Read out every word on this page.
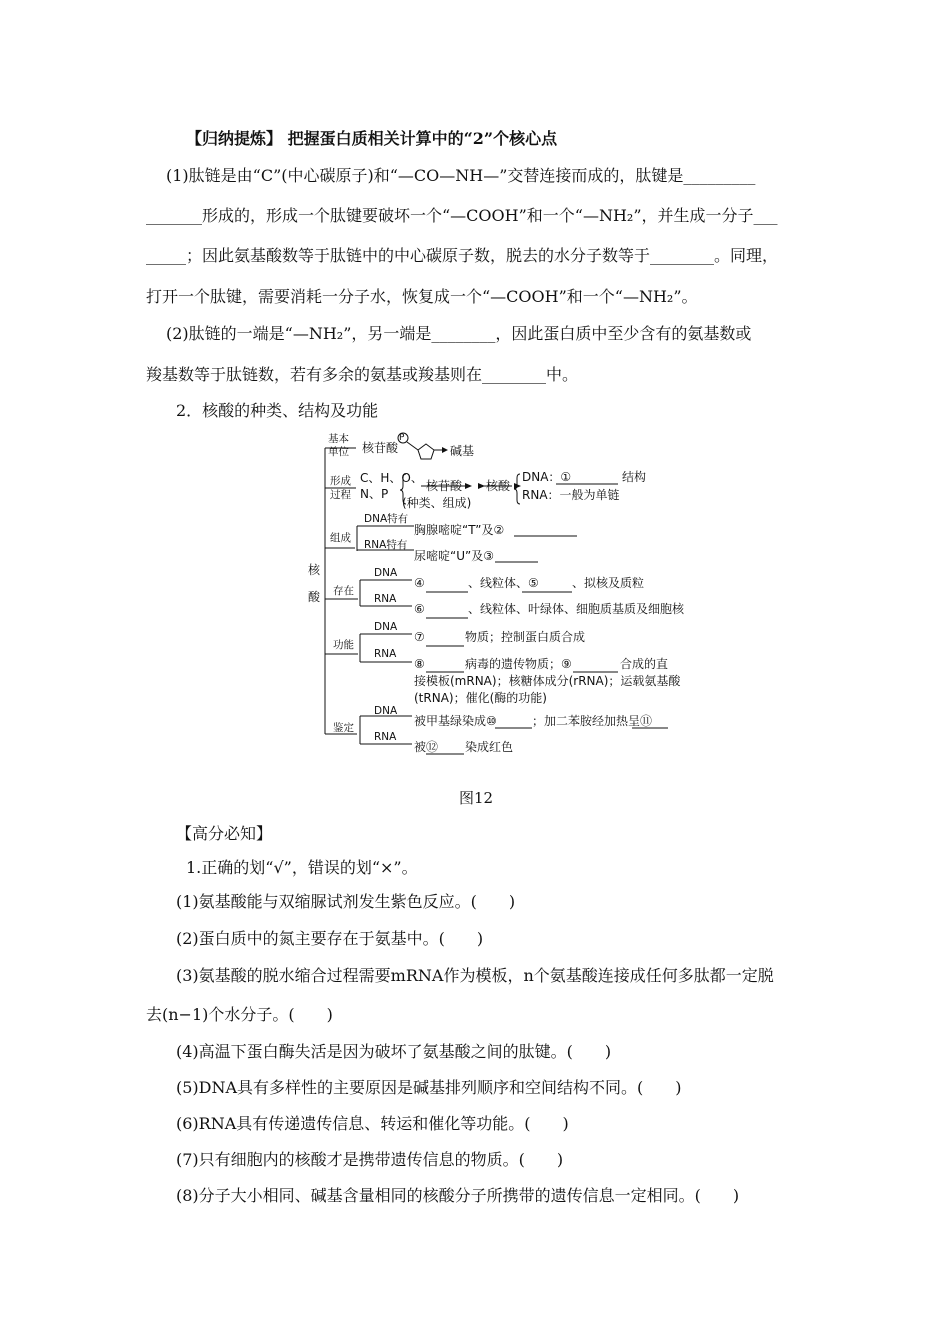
【归纳提炼】 把握蛋白质相关计算中的“2”个核心点
(1)肽链是由“C”(中心碳原子)和“—CO—NH—”交替连接而成的，肽键是_________
_______形成的，形成一个肽键要破坏一个“—COOH”和一个“—NH₂”，并生成一分子___
_____；因此氨基酸数等于肽链中的中心碳原子数，脱去的水分子数等于________。同理，
打开一个肽键，需要消耗一分子水，恢复成一个“—COOH”和一个“—NH₂”。
(2)肽链的一端是“—NH₂”，另一端是________，因此蛋白质中至少含有的氨基数或
羧基数等于肽链数，若有多余的氨基或羧基则在________中。
2．核酸的种类、结构及功能
核
酸
基本单位	核苷酸
P
碱基
形成过程
C、H、O、
N、P
核苷酸 核酸
(种类、组成)
DNA：①	结构
RNA：一般为单链
组成
DNA特有
胸腺嘧啶“T”及②
RNA特有
尿嘧啶“U”及③
存在
DNA
④	、线粒体、⑤	、拟核及质粒
RNA
⑥	、线粒体、叶绿体、细胞质基质及细胞核
功能
DNA
⑦	物质；控制蛋白质合成
RNA
⑧	病毒的遗传物质；⑨	合成的直
接模板(mRNA)；核糖体成分(rRNA)；运载氨基酸
(tRNA)；催化(酶的功能)
鉴定
DNA
被甲基绿染成⑩	；加二苯胺经加热呈⑪
RNA
被⑫ 染成红色
图12
【高分必知】
1.正确的划“√”，错误的划“×”。
(1)氨基酸能与双缩脲试剂发生紫色反应。(　　)
(2)蛋白质中的氮主要存在于氨基中。(　　)
(3)氨基酸的脱水缩合过程需要mRNA作为模板，n个氨基酸连接成任何多肽都一定脱
去(n−1)个水分子。(　　)
(4)高温下蛋白酶失活是因为破坏了氨基酸之间的肽键。(　　)
(5)DNA具有多样性的主要原因是碱基排列顺序和空间结构不同。(　　)
(6)RNA具有传递遗传信息、转运和催化等功能。(　　)
(7)只有细胞内的核酸才是携带遗传信息的物质。(　　)
(8)分子大小相同、碱基含量相同的核酸分子所携带的遗传信息一定相同。(　　)
